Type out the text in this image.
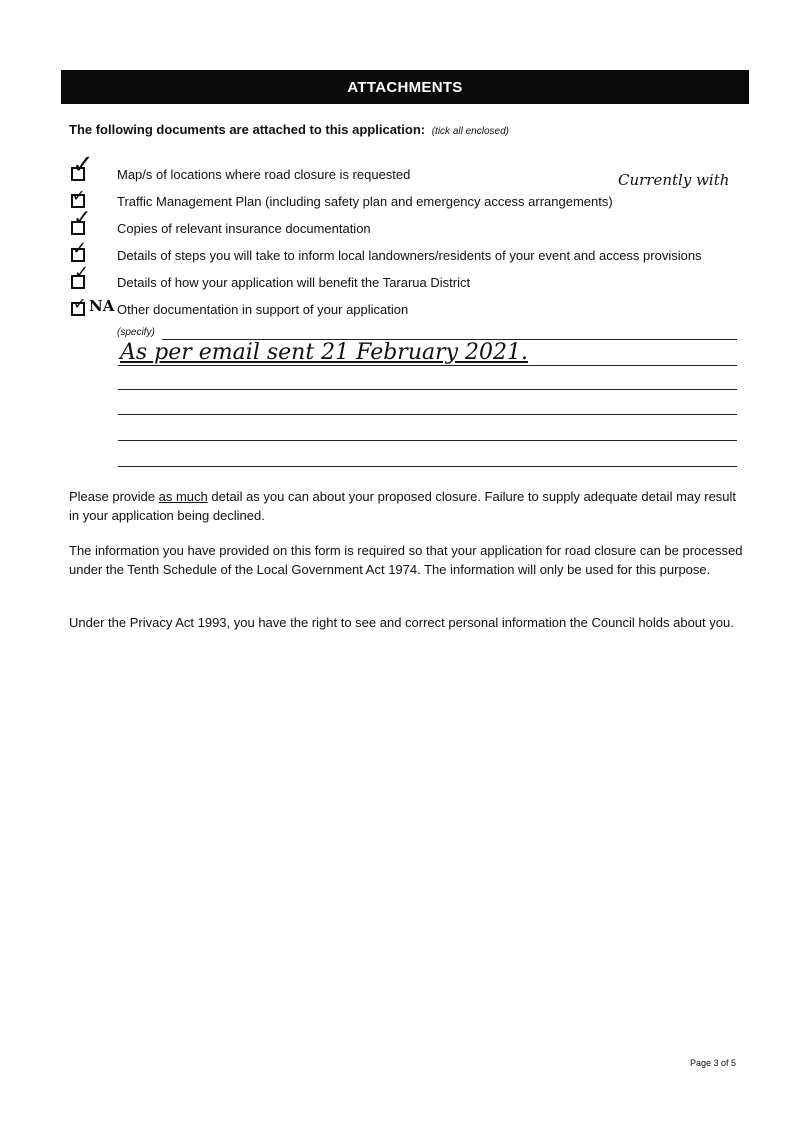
ATTACHMENTS
The following documents are attached to this application: (tick all enclosed)
✓ Map/s of locations where road closure is requested
✓ Traffic Management Plan (including safety plan and emergency access arrangements)
✓ Copies of relevant insurance documentation
✓ Details of steps you will take to inform local landowners/residents of your event and access provisions
✓ Details of how your application will benefit the Tararua District
✓ NA Other documentation in support of your application
Currently with
(specify)
As per email sent 21 February 2021.
Please provide as much detail as you can about your proposed closure. Failure to supply adequate detail may result in your application being declined.
The information you have provided on this form is required so that your application for road closure can be processed under the Tenth Schedule of the Local Government Act 1974. The information will only be used for this purpose.
Under the Privacy Act 1993, you have the right to see and correct personal information the Council holds about you.
Page 3 of 5
